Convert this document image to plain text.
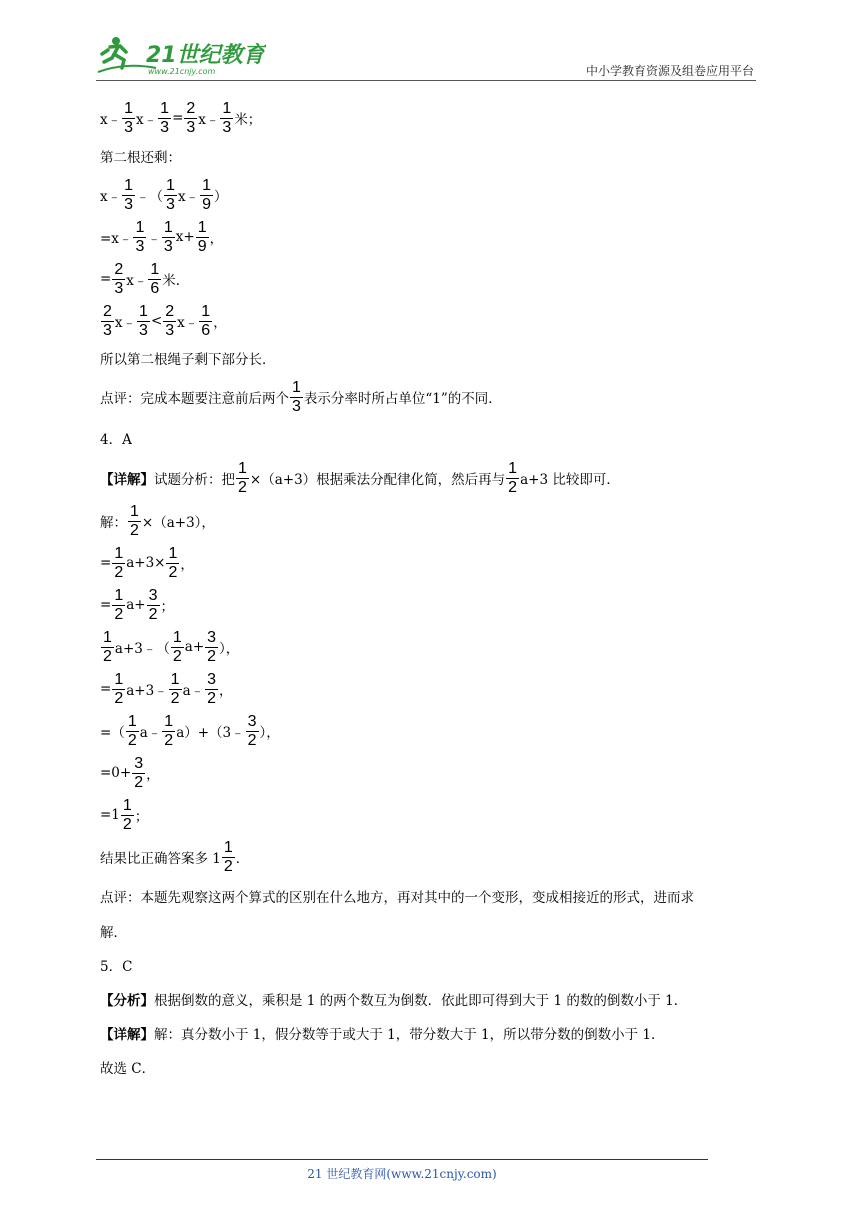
21世纪教育
www.21cnjy.com	中小学教育资源及组卷应用平台
x﹣ $\frac{1}{3}$ x﹣ $\frac{1}{3} = \frac{2}{3}$ x﹣ $\frac{1}{3}$ 米；
第二根还剩：
x﹣ $\frac{1}{3}$ ﹣（ $\frac{1}{3}$ x﹣ $\frac{1}{9}$ ）
=x﹣ $\frac{1}{3}$ ﹣ $\frac{1}{3} x+ \frac{1}{9}$ ，
= $\frac{2}{3}$ x﹣ $\frac{1}{6}$ 米．
$\frac{2}{3}$ x﹣ $\frac{1}{3} < \frac{2}{3}$ x﹣ $\frac{1}{6}$ ，
所以第二根绳子剩下部分长．
点评：完成本题要注意前后两个 $\frac{1}{3}$ 表示分率时所占单位“1”的不同．
4．A
【详解】 试题分析：把 $\frac{1}{2} \times(a+3)$根据乘法分配律化简，然后再与 $\frac{1}{2} a+3$ 比较即可．
解： $\frac{1}{2} \times(a+3)$，
= $\frac{1}{2} a+3\times \frac{1}{2}$ ，
= $\frac{1}{2} a+ \frac{3}{2}$ ；
$\frac{1}{2}$ a+3﹣（ $\frac{1}{2} a+ \frac{3}{2}$ ），
= $\frac{1}{2}$ a+3﹣ $\frac{1}{2}$ a﹣ $\frac{3}{2}$ ，
=（ $\frac{1}{2}$ a﹣ $\frac{1}{2}$ a）+（3﹣ $\frac{3}{2}$ ），
$=0+ \frac{3}{2}$ ，
$=1 \frac{1}{2}$ ；
结果比正确答案多 $1 \frac{1}{2}$ ．
点评：本题先观察这两个算式的区别在什么地方，再对其中的一个变形，变成相接近的形式，进而求
解．
5．C
【分析】 根据倒数的意义，乘积是 1 的两个数互为倒数．依此即可得到大于 1 的数的倒数小于 1．
【详解】 解：真分数小于 1，假分数等于或大于 1，带分数大于 1，所以带分数的倒数小于 1．
故选 C．
21 世纪教育网(www.21cnjy.com)
